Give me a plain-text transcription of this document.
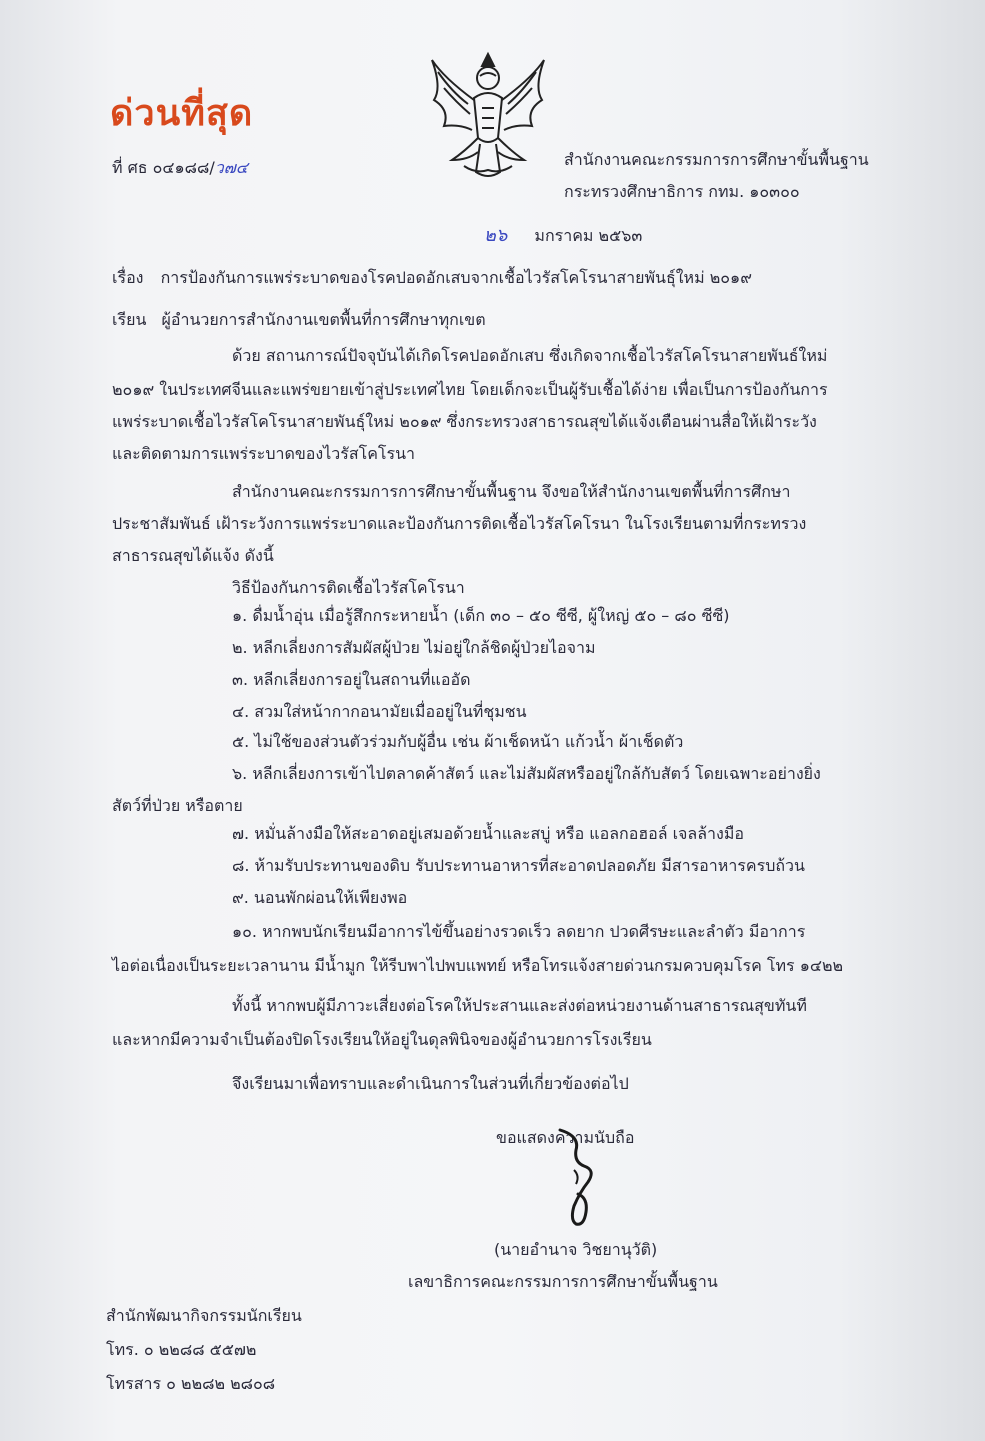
ด่วนที่สุด
ที่ ศธ ๐๔๑๘๘/ว๗๔	สำนักงานคณะกรรมการการศึกษาขั้นพื้นฐาน
กระทรวงศึกษาธิการ กทม. ๑๐๓๐๐
๒๖ มกราคม ๒๕๖๓
เรื่อง การป้องกันการแพร่ระบาดของโรคปอดอักเสบจากเชื้อไวรัสโคโรนาสายพันธุ์ใหม่ ๒๐๑๙
เรียน ผู้อำนวยการสำนักงานเขตพื้นที่การศึกษาทุกเขต
ด้วย สถานการณ์ปัจจุบันได้เกิดโรคปอดอักเสบ ซึ่งเกิดจากเชื้อไวรัสโคโรนาสายพันธ์ใหม่
๒๐๑๙ ในประเทศจีนและแพร่ขยายเข้าสู่ประเทศไทย โดยเด็กจะเป็นผู้รับเชื้อได้ง่าย เพื่อเป็นการป้องกันการ
แพร่ระบาดเชื้อไวรัสโคโรนาสายพันธุ์ใหม่ ๒๐๑๙ ซึ่งกระทรวงสาธารณสุขได้แจ้งเตือนผ่านสื่อให้เฝ้าระวัง
และติดตามการแพร่ระบาดของไวรัสโคโรนา
สำนักงานคณะกรรมการการศึกษาขั้นพื้นฐาน จึงขอให้สำนักงานเขตพื้นที่การศึกษา
ประชาสัมพันธ์ เฝ้าระวังการแพร่ระบาดและป้องกันการติดเชื้อไวรัสโคโรนา ในโรงเรียนตามที่กระทรวง
สาธารณสุขได้แจ้ง ดังนี้
วิธีป้องกันการติดเชื้อไวรัสโคโรนา
๑. ดื่มน้ำอุ่น เมื่อรู้สึกกระหายน้ำ (เด็ก ๓๐ – ๕๐ ซีซี, ผู้ใหญ่ ๕๐ – ๘๐ ซีซี)
๒. หลีกเลี่ยงการสัมผัสผู้ป่วย ไม่อยู่ใกล้ชิดผู้ป่วยไอจาม
๓. หลีกเลี่ยงการอยู่ในสถานที่แออัด
๔. สวมใส่หน้ากากอนามัยเมื่ออยู่ในที่ชุมชน
๕. ไม่ใช้ของส่วนตัวร่วมกับผู้อื่น เช่น ผ้าเช็ดหน้า แก้วน้ำ ผ้าเช็ดตัว
๖. หลีกเลี่ยงการเข้าไปตลาดค้าสัตว์ และไม่สัมผัสหรืออยู่ใกล้กับสัตว์ โดยเฉพาะอย่างยิ่ง
สัตว์ที่ป่วย หรือตาย
๗. หมั่นล้างมือให้สะอาดอยู่เสมอด้วยน้ำและสบู่ หรือ แอลกอฮอล์ เจลล้างมือ
๘. ห้ามรับประทานของดิบ รับประทานอาหารที่สะอาดปลอดภัย มีสารอาหารครบถ้วน
๙. นอนพักผ่อนให้เพียงพอ
๑๐. หากพบนักเรียนมีอาการไข้ขึ้นอย่างรวดเร็ว ลดยาก ปวดศีรษะและลำตัว มีอาการ
ไอต่อเนื่องเป็นระยะเวลานาน มีน้ำมูก ให้รีบพาไปพบแพทย์ หรือโทรแจ้งสายด่วนกรมควบคุมโรค โทร ๑๔๒๒
ทั้งนี้ หากพบผู้มีภาวะเสี่ยงต่อโรคให้ประสานและส่งต่อหน่วยงานด้านสาธารณสุขทันที
และหากมีความจำเป็นต้องปิดโรงเรียนให้อยู่ในดุลพินิจของผู้อำนวยการโรงเรียน
จึงเรียนมาเพื่อทราบและดำเนินการในส่วนที่เกี่ยวข้องต่อไป
ขอแสดงความนับถือ
(นายอำนาจ วิชยานุวัติ)
เลขาธิการคณะกรรมการการศึกษาขั้นพื้นฐาน
สำนักพัฒนากิจกรรมนักเรียน
โทร. ๐ ๒๒๘๘ ๕๕๗๒
โทรสาร ๐ ๒๒๘๒ ๒๘๐๘
